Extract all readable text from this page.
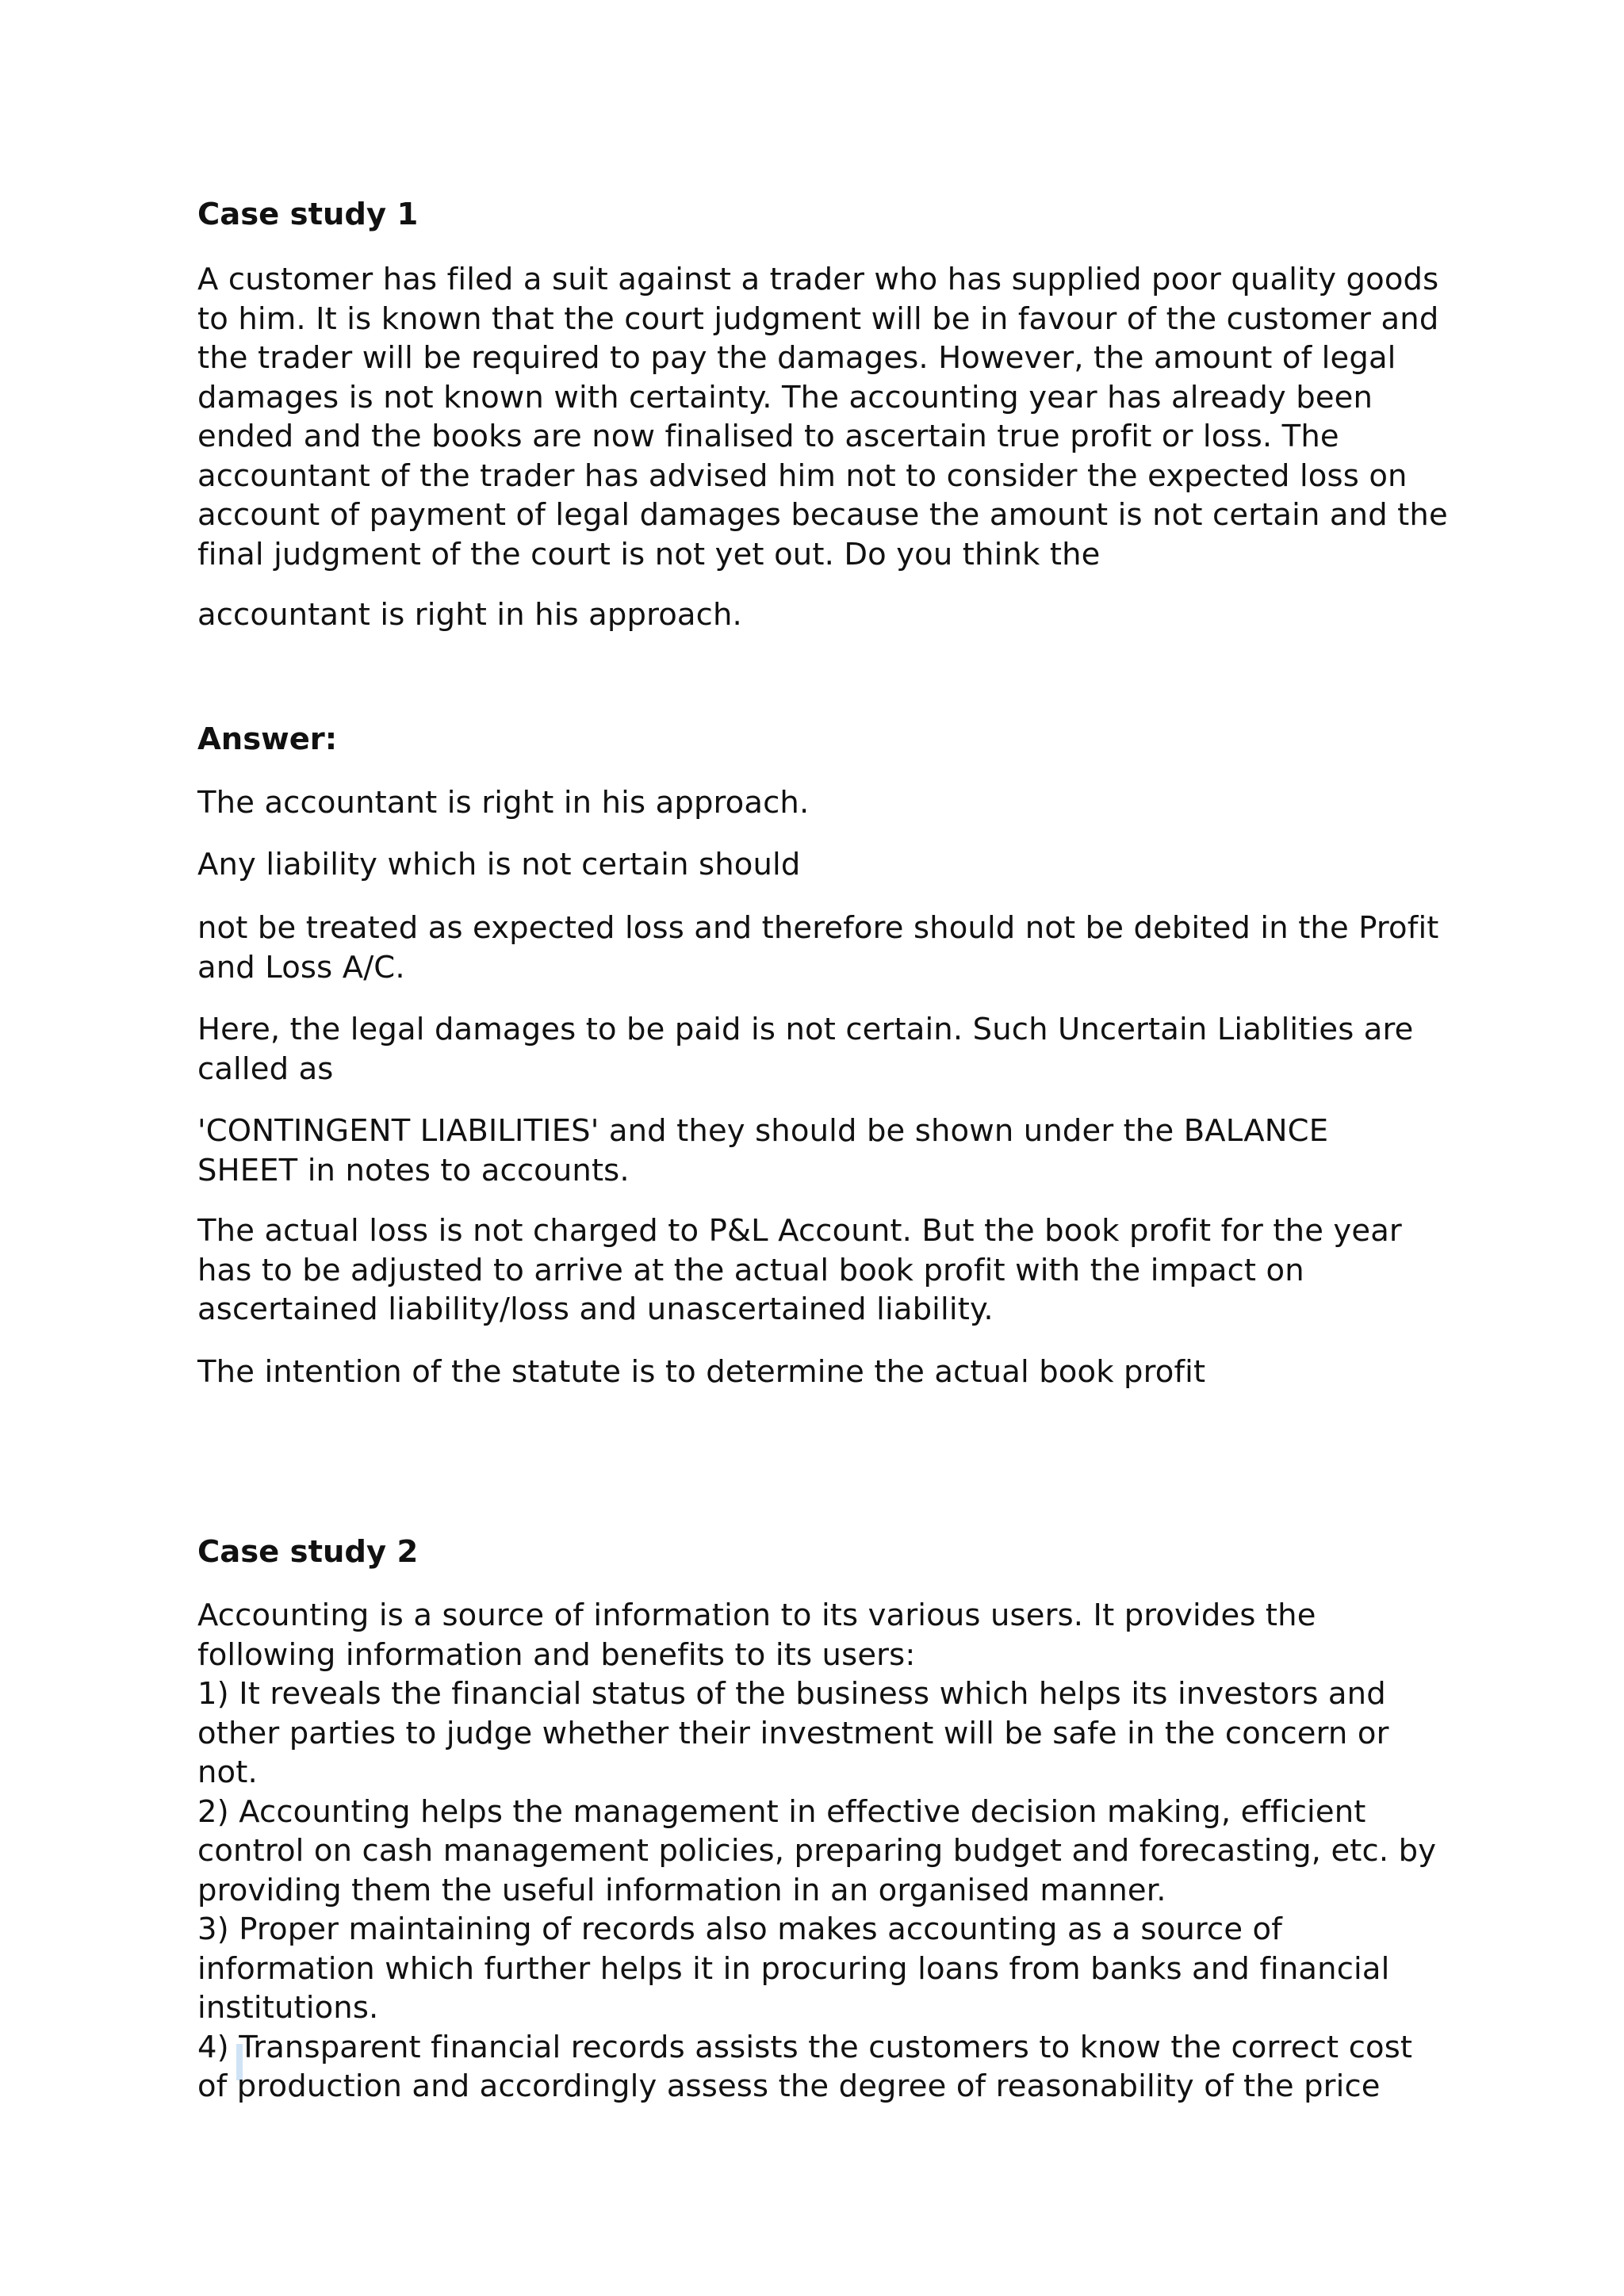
Case study 1

A customer has filed a suit against a trader who has supplied poor quality goods
to him. It is known that the court judgment will be in favour of the customer and
the trader will be required to pay the damages. However, the amount of legal
damages is not known with certainty. The accounting year has already been
ended and the books are now finalised to ascertain true profit or loss. The
accountant of the trader has advised him not to consider the expected loss on
account of payment of legal damages because the amount is not certain and the
final judgment of the court is not yet out. Do you think the

accountant is right in his approach.

Answer:

The accountant is right in his approach.

Any liability which is not certain should

not be treated as expected loss and therefore should not be debited in the Profit
and Loss A/C.

Here, the legal damages to be paid is not certain. Such Uncertain Liablities are
called as

'CONTINGENT LIABILITIES' and they should be shown under the BALANCE
SHEET in notes to accounts.

The actual loss is not charged to P&L Account. But the book profit for the year
has to be adjusted to arrive at the actual book profit with the impact on
ascertained liability/loss and unascertained liability.

The intention of the statute is to determine the actual book profit

Case study 2

Accounting is a source of information to its various users. It provides the
following information and benefits to its users:
1) It reveals the financial status of the business which helps its investors and
other parties to judge whether their investment will be safe in the concern or
not.
2) Accounting helps the management in effective decision making, efficient
control on cash management policies, preparing budget and forecasting, etc. by
providing them the useful information in an organised manner.
3) Proper maintaining of records also makes accounting as a source of
information which further helps it in procuring loans from banks and financial
institutions.
4) Transparent financial records assists the customers to know the correct cost
of production and accordingly assess the degree of reasonability of the price
